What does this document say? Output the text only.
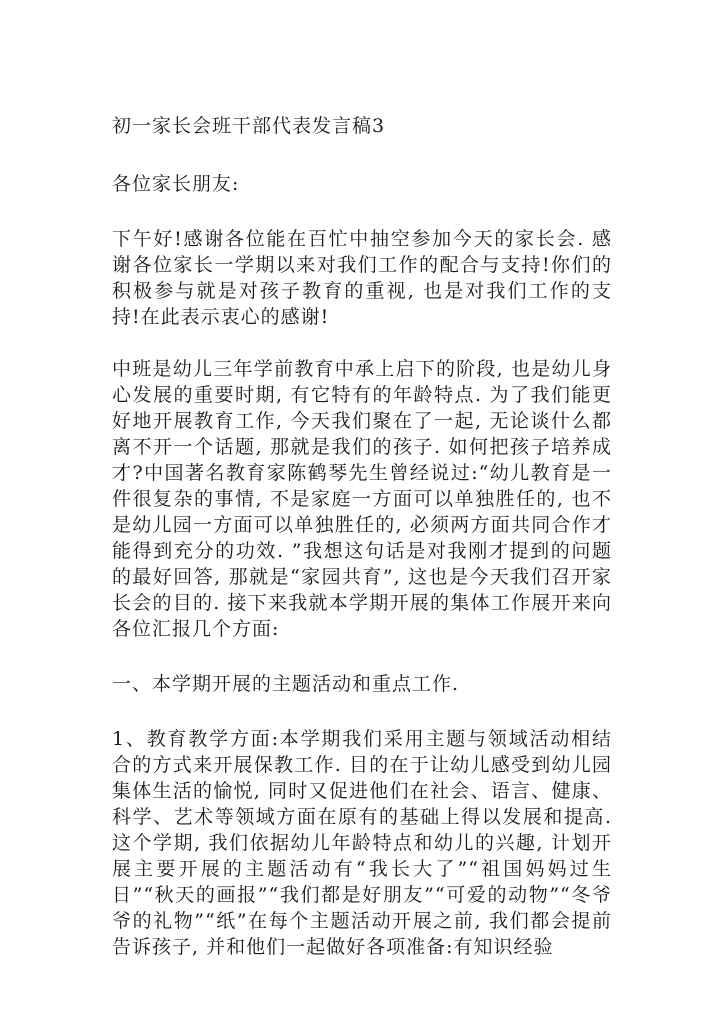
初一家长会班干部代表发言稿3

各位家长朋友:

下午好!感谢各位能在百忙中抽空参加今天的家长会. 感谢各位家长一学期以来对我们工作的配合与支持!你们的积极参与就是对孩子教育的重视, 也是对我们工作的支持!在此表示衷心的感谢!

中班是幼儿三年学前教育中承上启下的阶段, 也是幼儿身心发展的重要时期, 有它特有的年龄特点. 为了我们能更好地开展教育工作, 今天我们聚在了一起, 无论谈什么都离不开一个话题, 那就是我们的孩子. 如何把孩子培养成才?中国著名教育家陈鹤琴先生曾经说过:“幼儿教育是一件很复杂的事情, 不是家庭一方面可以单独胜任的, 也不是幼儿园一方面可以单独胜任的, 必须两方面共同合作才能得到充分的功效. ”我想这句话是对我刚才提到的问题的最好回答, 那就是“家园共育”, 这也是今天我们召开家长会的目的. 接下来我就本学期开展的集体工作展开来向各位汇报几个方面:

一、本学期开展的主题活动和重点工作.

1、教育教学方面:本学期我们采用主题与领域活动相结合的方式来开展保教工作. 目的在于让幼儿感受到幼儿园集体生活的愉悦, 同时又促进他们在社会、语言、健康、科学、艺术等领域方面在原有的基础上得以发展和提高. 这个学期, 我们依据幼儿年龄特点和幼儿的兴趣, 计划开展主要开展的主题活动有“我长大了”“祖国妈妈过生日”“秋天的画报”“我们都是好朋友”“可爱的动物”“冬爷爷的礼物”“纸”在每个主题活动开展之前, 我们都会提前告诉孩子, 并和他们一起做好各项准备:有知识经验
